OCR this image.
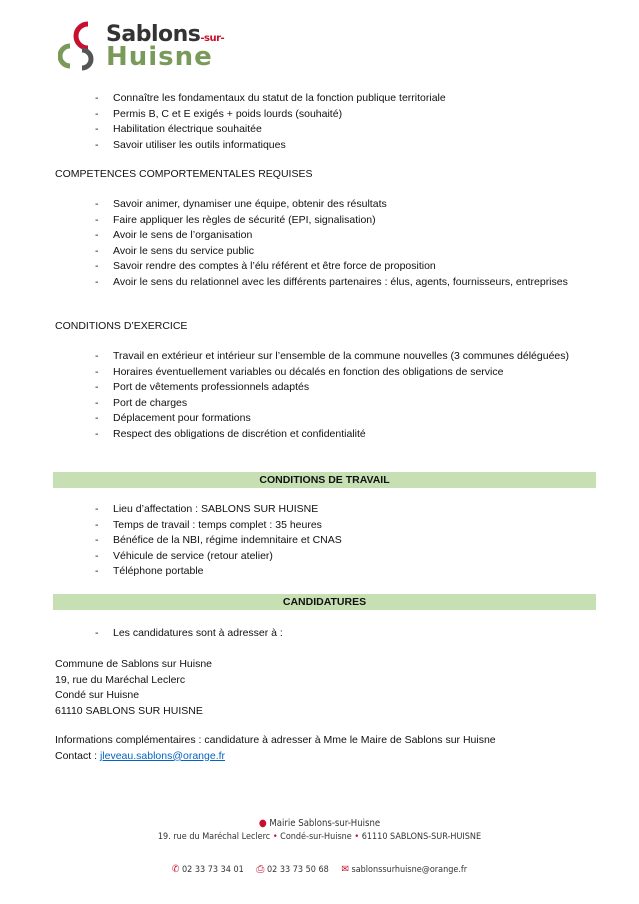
Sablons-sur-
Huisne
- Connaître les fondamentaux du statut de la fonction publique territoriale
- Permis B, C et E exigés + poids lourds (souhaité)
- Habilitation électrique souhaitée
- Savoir utiliser les outils informatiques
COMPETENCES COMPORTEMENTALES REQUISES
- Savoir animer, dynamiser une équipe, obtenir des résultats
- Faire appliquer les règles de sécurité (EPI, signalisation)
- Avoir le sens de l’organisation
- Avoir le sens du service public
- Savoir rendre des comptes à l’élu référent et être force de proposition
- Avoir le sens du relationnel avec les différents partenaires : élus, agents, fournisseurs, entreprises
CONDITIONS D’EXERCICE
- Travail en extérieur et intérieur sur l’ensemble de la commune nouvelles (3 communes déléguées)
- Horaires éventuellement variables ou décalés en fonction des obligations de service
- Port de vêtements professionnels adaptés
- Port de charges
- Déplacement pour formations
- Respect des obligations de discrétion et confidentialité
CONDITIONS DE TRAVAIL
- Lieu d’affectation : SABLONS SUR HUISNE
- Temps de travail : temps complet : 35 heures
- Bénéfice de la NBI, régime indemnitaire et CNAS
- Véhicule de service (retour atelier)
- Téléphone portable
CANDIDATURES
- Les candidatures sont à adresser à :
Commune de Sablons sur Huisne
19, rue du Maréchal Leclerc
Condé sur Huisne
61110 SABLONS SUR HUISNE
Informations complémentaires : candidature à adresser à Mme le Maire de Sablons sur Huisne
Contact : jleveau.sablons@orange.fr
● Mairie Sablons-sur-Huisne
19. rue du Maréchal Leclerc • Condé-sur-Huisne • 61110 SABLONS-SUR-HUISNE
✆ 02 33 73 34 01 ⎙ 02 33 73 50 68 ✉ sablonssurhuisne@orange.fr
